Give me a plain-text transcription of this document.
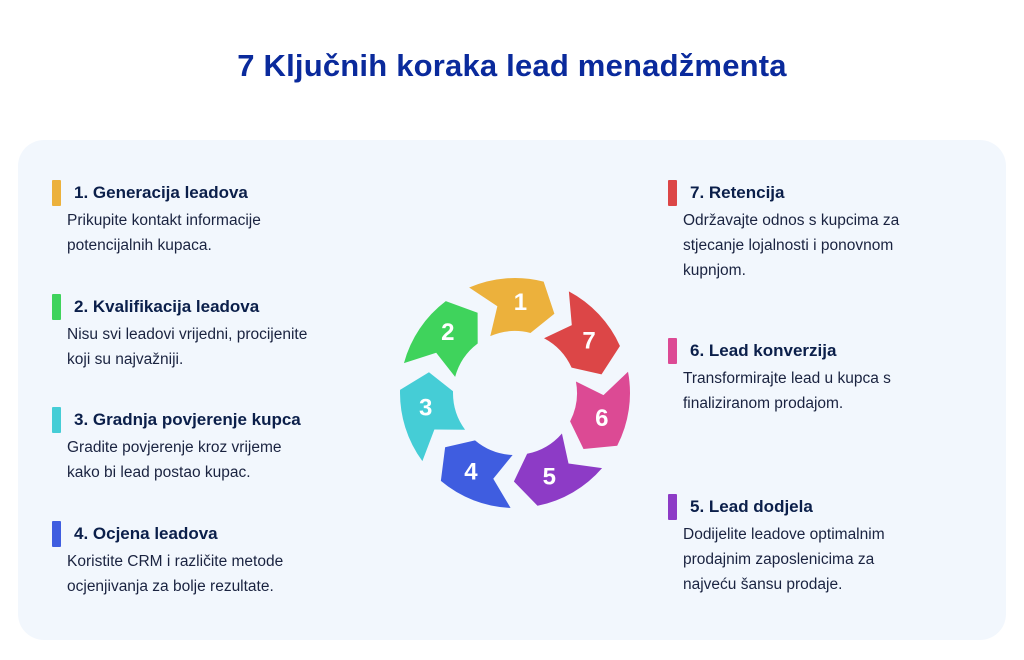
7 Ključnih koraka lead menadžmenta
1. Generacija leadova

Prikupite kontakt informacije
potencijalnih kupaca.

2. Kvalifikacija leadova

Nisu svi leadovi vrijedni, procijenite
koji su najvažniji.

3. Gradnja povjerenje kupca

Gradite povjerenje kroz vrijeme
kako bi lead postao kupac.

4. Ocjena leadova

Koristite CRM i različite metode
ocjenjivanja za bolje rezultate.

7. Retencija

Održavajte odnos s kupcima za
stjecanje lojalnosti i ponovnom
kupnjom.

6. Lead konverzija

Transformirajte lead u kupca s
finaliziranom prodajom.

5. Lead dodjela

Dodijelite leadove optimalnim
prodajnim zaposlenicima za
najveću šansu prodaje.

1
7
6
5
4
3
2
